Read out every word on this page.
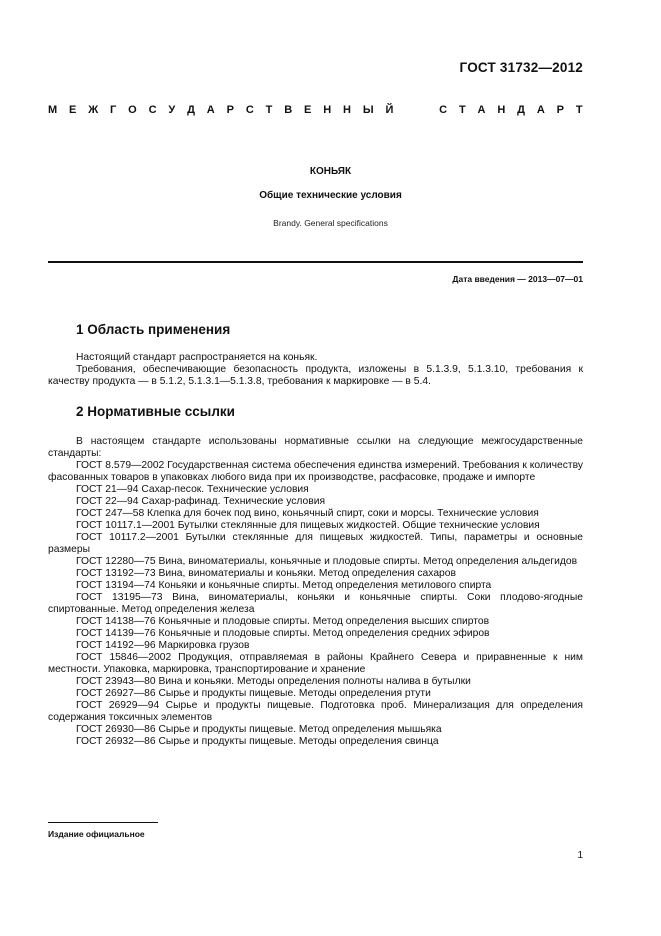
ГОСТ 31732—2012
М Е Ж Г О С У Д А Р С Т В Е Н Н Ы Й	С Т А Н Д А Р Т
КОНЬЯК
Общие технические условия
Brandy. General specifications
Дата введения — 2013—07—01
1 Область применения

Настоящий стандарт распространяется на коньяк.

Требования, обеспечивающие безопасность продукта, изложены в 5.1.3.9, 5.1.3.10, требования к качеству продукта — в 5.1.2, 5.1.3.1—5.1.3.8, требования к маркировке — в 5.4.

2 Нормативные ссылки

В настоящем стандарте использованы нормативные ссылки на следующие межгосударственные стандарты:

ГОСТ 8.579—2002 Государственная система обеспечения единства измерений. Требования к количеству фасованных товаров в упаковках любого вида при их производстве, расфасовке, продаже и импорте

ГОСТ 21—94 Сахар-песок. Технические условия

ГОСТ 22—94 Сахар-рафинад. Технические условия

ГОСТ 247—58 Клепка для бочек под вино, коньячный спирт, соки и морсы. Технические условия

ГОСТ 10117.1—2001 Бутылки стеклянные для пищевых жидкостей. Общие технические условия

ГОСТ 10117.2—2001 Бутылки стеклянные для пищевых жидкостей. Типы, параметры и основные размеры

ГОСТ 12280—75 Вина, виноматериалы, коньячные и плодовые спирты. Метод определения альдегидов

ГОСТ 13192—73 Вина, виноматериалы и коньяки. Метод определения сахаров

ГОСТ 13194—74 Коньяки и коньячные спирты. Метод определения метилового спирта

ГОСТ 13195—73 Вина, виноматериалы, коньяки и коньячные спирты. Соки плодово-ягодные спиртованные. Метод определения железа

ГОСТ 14138—76 Коньячные и плодовые спирты. Метод определения высших спиртов

ГОСТ 14139—76 Коньячные и плодовые спирты. Метод определения средних эфиров

ГОСТ 14192—96 Маркировка грузов

ГОСТ 15846—2002 Продукция, отправляемая в районы Крайнего Севера и приравненные к ним местности. Упаковка, маркировка, транспортирование и хранение

ГОСТ 23943—80 Вина и коньяки. Методы определения полноты налива в бутылки

ГОСТ 26927—86 Сырье и продукты пищевые. Методы определения ртути

ГОСТ 26929—94 Сырье и продукты пищевые. Подготовка проб. Минерализация для определения содержания токсичных элементов

ГОСТ 26930—86 Сырье и продукты пищевые. Метод определения мышьяка

ГОСТ 26932—86 Сырье и продукты пищевые. Методы определения свинца

Издание официальное
1
